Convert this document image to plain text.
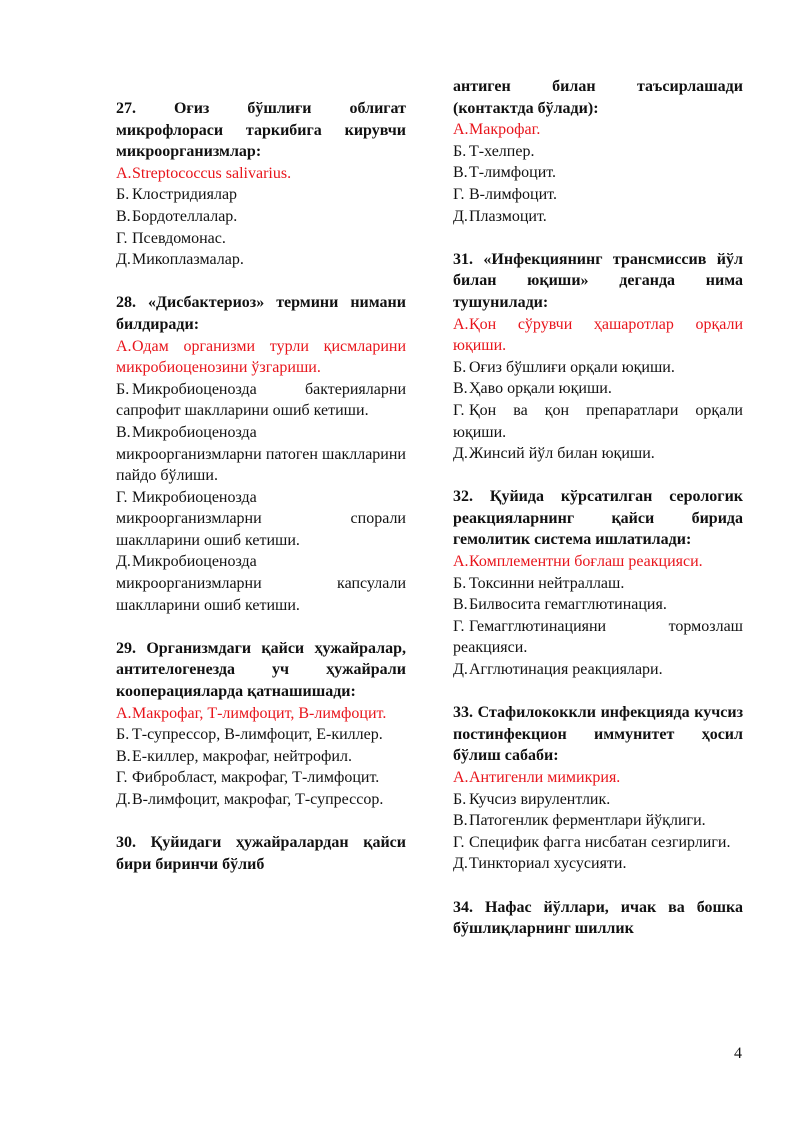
27. Оғиз бўшлиғи облигат микрофлораси таркибига кирувчи микроорганизмлар:
А.Streptococcus salivarius.
Б. Клостридиялар
В.Бордотеллалар.
Г. Псевдомонас.
Д.Микоплазмалар.
28. «Дисбактериоз» термини нимани билдиради:
А.Одам организми турли қисмларини микробиоценозини ўзгариши.
Б. Микробиоценозда бактерияларни сапрофит шаклларини ошиб кетиши.
В.Микробиоценозда микроорганизмларни патоген шаклларини пайдо бўлиши.
Г. Микробиоценозда микроорганизмларни спорали шаклларини ошиб кетиши.
Д.Микробиоценозда микроорганизмларни капсулали шаклларини ошиб кетиши.
29. Организмдаги қайси ҳужайралар, антителогенезда уч ҳужайрали кооперацияларда қатнашишади:
А.Макрофаг, Т-лимфоцит, В-лимфоцит.
Б. Т-супрессор, В-лимфоцит, Е-киллер.
В.Е-киллер, макрофаг, нейтрофил.
Г. Фибробласт, макрофаг, Т-лимфоцит.
Д.В-лимфоцит, макрофаг, Т-супрессор.
30. Қуйидаги ҳужайралардан қайси бири биринчи бўлиб
антиген билан таъсирлашади (контактда бўлади):
А.Макрофаг.
Б. Т-хелпер.
В.Т-лимфоцит.
Г. В-лимфоцит.
Д.Плазмоцит.
31. «Инфекциянинг трансмиссив йўл билан юқиши» деганда нима тушунилади:
А.Қон сўрувчи ҳашаротлар орқали юқиши.
Б. Оғиз бўшлиғи орқали юқиши.
В.Ҳаво орқали юқиши.
Г. Қон ва қон препаратлари орқали юқиши.
Д.Жинсий йўл билан юқиши.
32. Қуйида кўрсатилган серологик реакцияларнинг қайси бирида гемолитик система ишлатилади:
А.Комплементни боғлаш реакцияси.
Б. Токсинни нейтраллаш.
В.Билвосита гемагглютинация.
Г. Гемагглютинацияни тормозлаш реакцияси.
Д.Агглютинация реакциялари.
33. Стафилококкли инфекцияда кучсиз постинфекцион иммунитет ҳосил бўлиш сабаби:
А.Антигенли мимикрия.
Б. Кучсиз вирулентлик.
В.Патогенлик ферментлари йўқлиги.
Г. Специфик фагга нисбатан сезгирлиги.
Д.Тинкториал хусусияти.
34. Нафас йўллари, ичак ва бошка бўшлиқларнинг шиллик
4
